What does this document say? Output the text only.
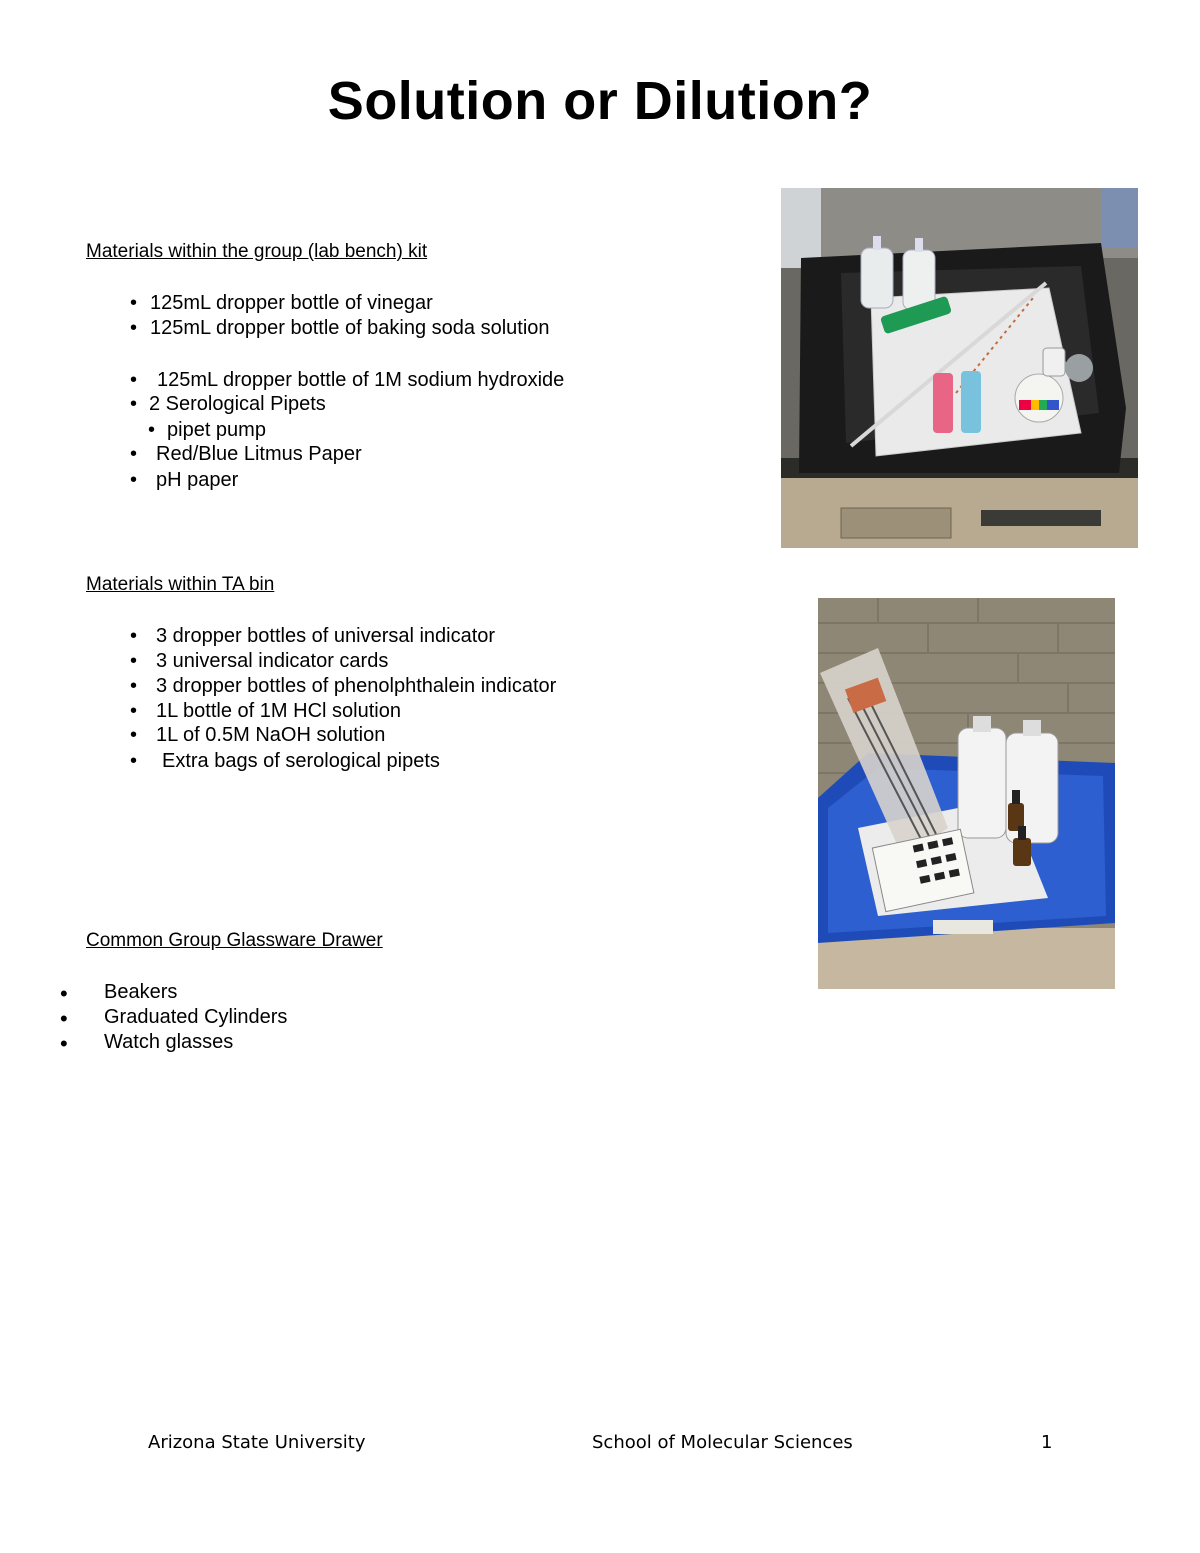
Solution or Dilution?
Materials within the group (lab bench) kit
• 125mL dropper bottle of vinegar
• 125mL dropper bottle of baking soda solution
• 125mL dropper bottle of 1M sodium hydroxide
• 2 Serological Pipets
• pipet pump
• Red/Blue Litmus Paper
• pH paper
Materials within TA bin
• 3 dropper bottles of universal indicator
• 3 universal indicator cards
• 3 dropper bottles of phenolphthalein indicator
• 1L bottle of 1M HCl solution
• 1L of 0.5M NaOH solution
• Extra bags of serological pipets
Common Group Glassware Drawer
• Beakers
• Graduated Cylinders
• Watch glasses
Arizona State University	School of Molecular Sciences	1
